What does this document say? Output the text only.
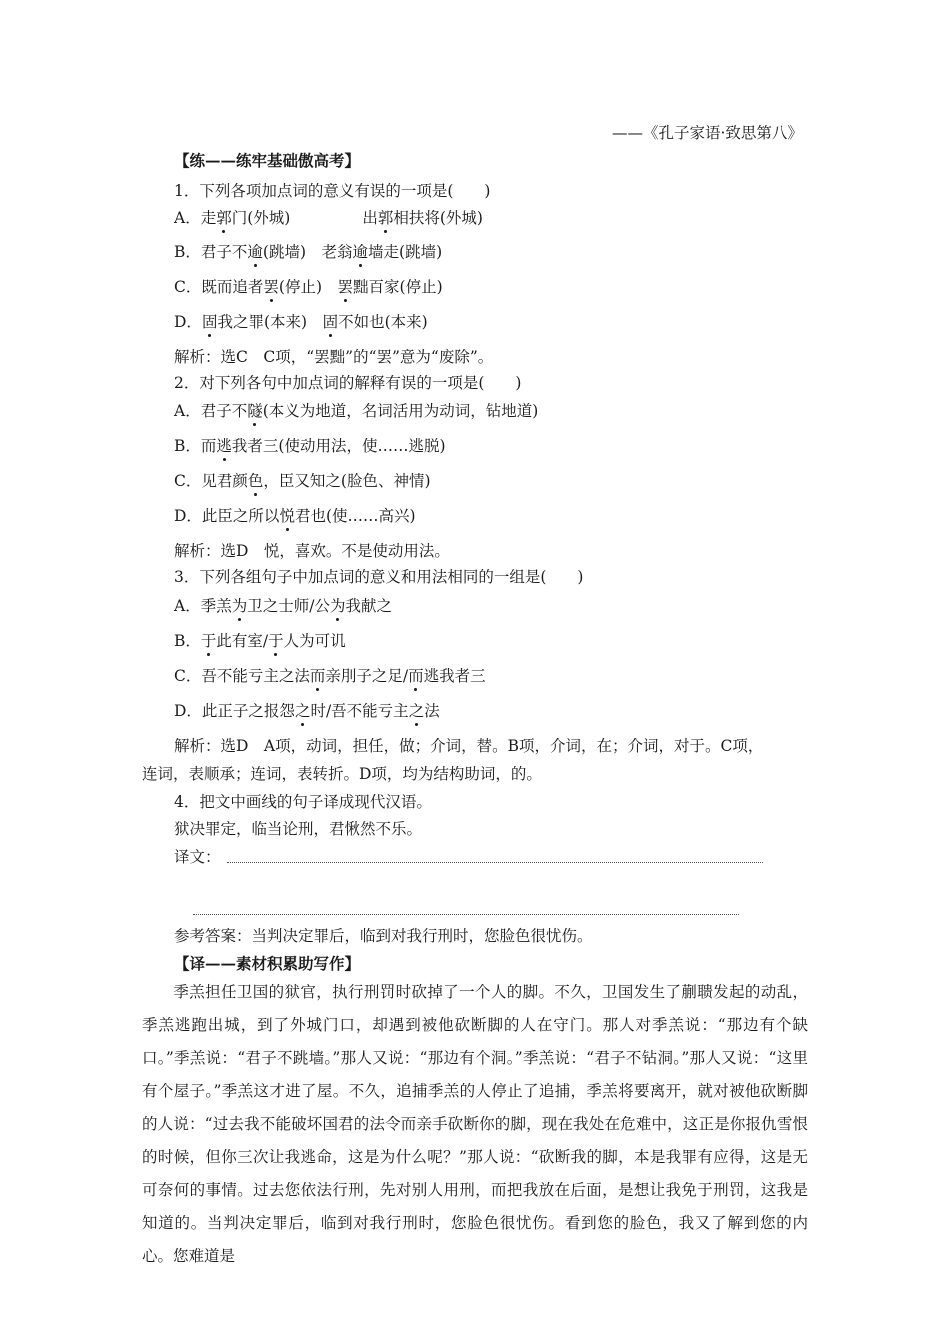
——《孔子家语·致思第八》
【练——练牢基础傲高考】
1．下列各项加点词的意义有误的一项是(　　)
A．走郭门(外城)	出郭相扶将(外城)
B．君子不逾(跳墙)　老翁逾墙走(跳墙)
C．既而追者罢(停止)　罢黜百家(停止)
D．固我之罪(本来)　固不如也(本来)
解析：选C　C项，“罢黜”的“罢”意为“废除”。
2．对下列各句中加点词的解释有误的一项是(　　)
A．君子不隧(本义为地道，名词活用为动词，钻地道)
B．而逃我者三(使动用法，使……逃脱)
C．见君颜色，臣又知之(脸色、神情)
D．此臣之所以悦君也(使……高兴)
解析：选D　悦，喜欢。不是使动用法。
3．下列各组句子中加点词的意义和用法相同的一组是(　　)
A．季羔为卫之士师/公为我献之
B．于此有室/于人为可讥
C．吾不能亏主之法而亲刖子之足/而逃我者三
D．此正子之报怨之时/吾不能亏主之法
解析：选D　A项，动词，担任，做；介词，替。B项，介词，在；介词，对于。C项，
连词，表顺承；连词，表转折。D项，均为结构助词，的。
4．把文中画线的句子译成现代汉语。
狱决罪定，临当论刑，君愀然不乐。
译文：
参考答案：当判决定罪后，临到对我行刑时，您脸色很忧伤。
【译——素材积累助写作】
季羔担任卫国的狱官，执行刑罚时砍掉了一个人的脚。不久，卫国发生了蒯聩发起的动乱，季羔逃跑出城，到了外城门口，却遇到被他砍断脚的人在守门。那人对季羔说：“那边有个缺口。”季羔说：“君子不跳墙。”那人又说：“那边有个洞。”季羔说：“君子不钻洞。”那人又说：“这里有个屋子。”季羔这才进了屋。不久，追捕季羔的人停止了追捕，季羔将要离开，就对被他砍断脚的人说：“过去我不能破坏国君的法令而亲手砍断你的脚，现在我处在危难中，这正是你报仇雪恨的时候，但你三次让我逃命，这是为什么呢？”那人说：“砍断我的脚，本是我罪有应得，这是无可奈何的事情。过去您依法行刑，先对别人用刑，而把我放在后面，是想让我免于刑罚，这我是知道的。当判决定罪后，临到对我行刑时，您脸色很忧伤。看到您的脸色，我又了解到您的内心。您难道是
